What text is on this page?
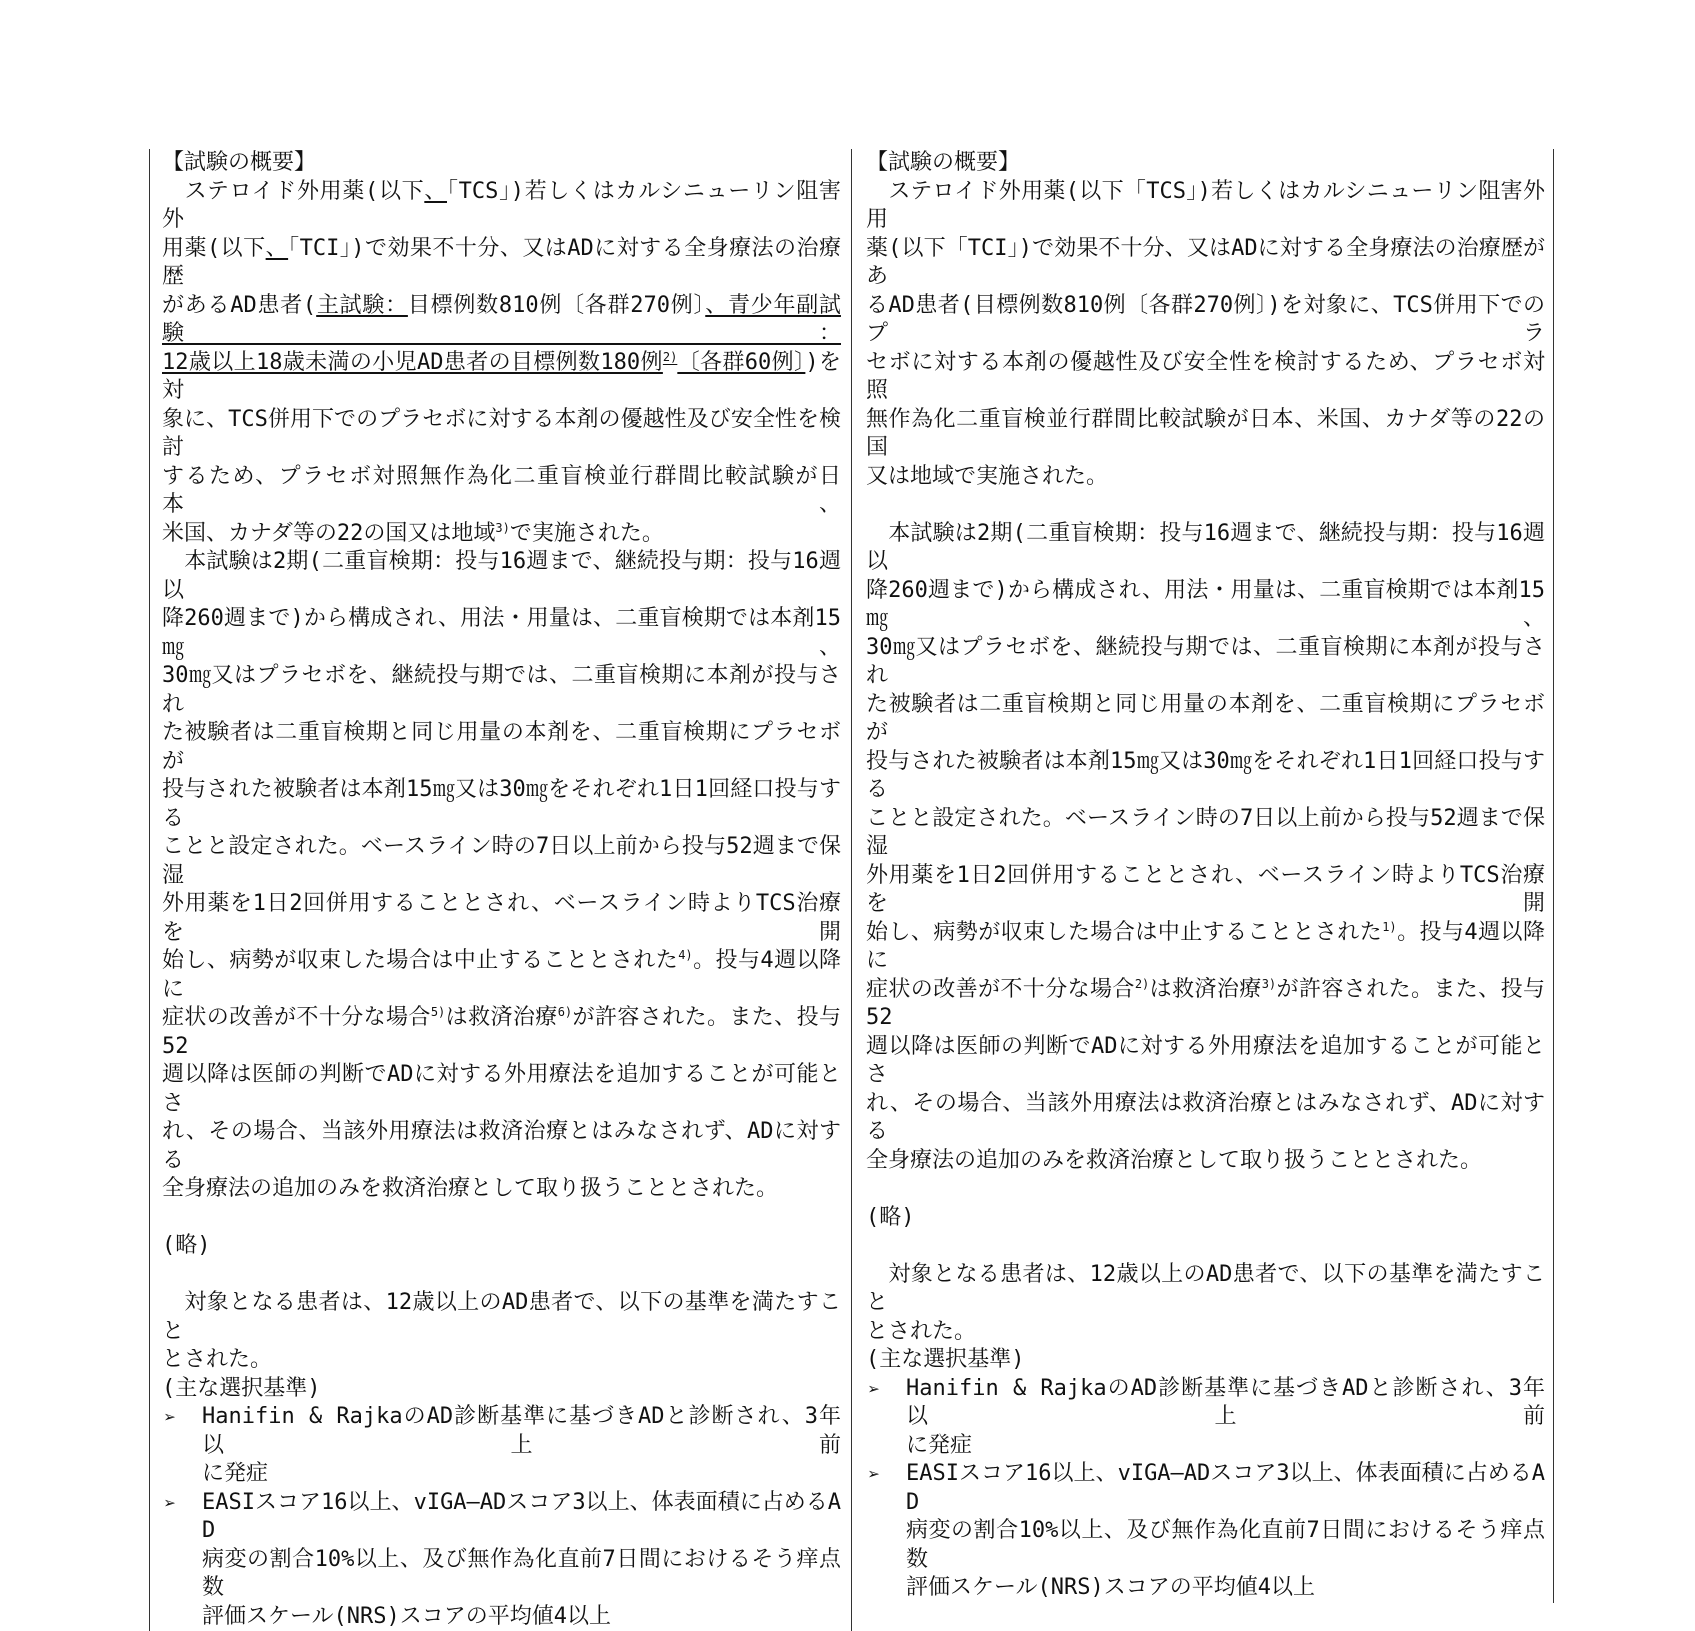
【試験の概要】
　ステロイド外用薬(以下、「TCS」)若しくはカルシニューリン阻害外
用薬(以下、「TCI」)で効果不十分、又はADに対する全身療法の治療歴
があるAD患者(主試験：目標例数810例〔各群270例〕、青少年副試験：
12歳以上18歳未満の小児AD患者の目標例数180例$^{2)}$〔各群60例〕)を対
象に、TCS併用下でのプラセボに対する本剤の優越性及び安全性を検討
するため、プラセボ対照無作為化二重盲検並行群間比較試験が日本、
米国、カナダ等の22の国又は地域$^{3)}$で実施された。
　本試験は2期(二重盲検期：投与16週まで、継続投与期：投与16週以
降260週まで)から構成され、用法・用量は、二重盲検期では本剤15㎎、
30㎎又はプラセボを、継続投与期では、二重盲検期に本剤が投与され
た被験者は二重盲検期と同じ用量の本剤を、二重盲検期にプラセボが
投与された被験者は本剤15㎎又は30㎎をそれぞれ1日1回経口投与する
ことと設定された。ベースライン時の7日以上前から投与52週まで保湿
外用薬を1日2回併用することとされ、ベースライン時よりTCS治療を開
始し、病勢が収束した場合は中止することとされた$^{4)}$。投与4週以降に
症状の改善が不十分な場合$^{5)}$は救済治療$^{6)}$が許容された。また、投与52
週以降は医師の判断でADに対する外用療法を追加することが可能とさ
れ、その場合、当該外用療法は救済治療とはみなされず、ADに対する
全身療法の追加のみを救済治療として取り扱うこととされた。

(略)

　対象となる患者は、12歳以上のAD患者で、以下の基準を満たすこと
とされた。
(主な選択基準)
➢ Hanifin & RajkaのAD診断基準に基づきADと診断され、3年以上前
に発症
➢ EASIスコア16以上、vIGA—ADスコア3以上、体表面積に占めるAD
病変の割合10%以上、及び無作為化直前7日間におけるそう痒点数
評価スケール(NRS)スコアの平均値4以上
【試験の概要】
　ステロイド外用薬(以下「TCS」)若しくはカルシニューリン阻害外用
薬(以下「TCI」)で効果不十分、又はADに対する全身療法の治療歴があ
るAD患者(目標例数810例〔各群270例〕)を対象に、TCS併用下でのプラ
セボに対する本剤の優越性及び安全性を検討するため、プラセボ対照
無作為化二重盲検並行群間比較試験が日本、米国、カナダ等の22の国
又は地域で実施された。

　本試験は2期(二重盲検期：投与16週まで、継続投与期：投与16週以
降260週まで)から構成され、用法・用量は、二重盲検期では本剤15㎎、
30㎎又はプラセボを、継続投与期では、二重盲検期に本剤が投与され
た被験者は二重盲検期と同じ用量の本剤を、二重盲検期にプラセボが
投与された被験者は本剤15㎎又は30㎎をそれぞれ1日1回経口投与する
ことと設定された。ベースライン時の7日以上前から投与52週まで保湿
外用薬を1日2回併用することとされ、ベースライン時よりTCS治療を開
始し、病勢が収束した場合は中止することとされた$^{1)}$。投与4週以降に
症状の改善が不十分な場合$^{2)}$は救済治療$^{3)}$が許容された。また、投与52
週以降は医師の判断でADに対する外用療法を追加することが可能とさ
れ、その場合、当該外用療法は救済治療とはみなされず、ADに対する
全身療法の追加のみを救済治療として取り扱うこととされた。

(略)

　対象となる患者は、12歳以上のAD患者で、以下の基準を満たすこと
とされた。
(主な選択基準)
➢ Hanifin & RajkaのAD診断基準に基づきADと診断され、3年以上前
に発症
➢ EASIスコア16以上、vIGA—ADスコア3以上、体表面積に占めるAD
病変の割合10%以上、及び無作為化直前7日間におけるそう痒点数
評価スケール(NRS)スコアの平均値4以上
